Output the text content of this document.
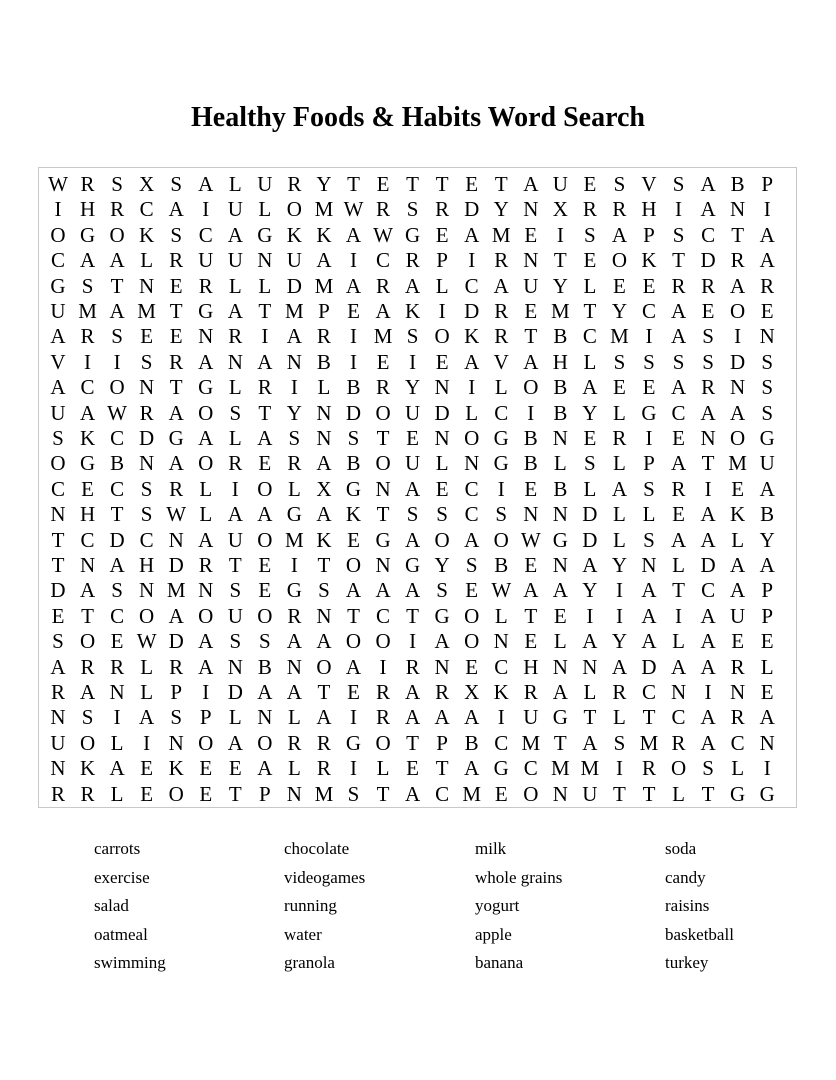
Healthy Foods & Habits Word Search
W R S X S A L U R Y T E T T E T A U E S V S A B P
I H R C A I U L O M W R S R D Y N X R R H I A N I
O G O K S C A G K K A W G E A M E I S A P S C T A
C A A L R U U N U A I C R P I R N T E O K T D R A
G S T N E R L L D M A R A L C A U Y L E E R R A R
U M A M T G A T M P E A K I D R E M T Y C A E O E
A R S E E N R I A R I M S O K R T B C M I A S I N
V I	I S R A N A N B I E I E A V A H L S S S S D S
A C O N T G L R I L B R Y N I L O B A E E A R N S
U A W R A O S T Y N D O U D L C I B Y L G C A A S
S K C D G A L A S N S T E N O G B N E R I E N O G
O G B N A O R E R A B O U L N G B L S L P A T M U
C E C S R L I O L X G N A E C I E B L A S R I E A
N H T S W L A A G A K T S S C S N N D L L E A K B
T C D C N A U O M K E G A O A O W G D L S A A L Y
T N A H D R T E I T O N G Y S B E N A Y N L D A A
D A S N M N S E G S A A A S E W A A Y I A T C A P
E T C O A O U O R N T C T G O L T E I	I A I A U P
S O E W D A S S A A O O I A O N E L A Y A L A E E
A R R L R A N B N O A I R N E C H N N A D A A R L
R A N L P I D A A T E R A R X K R A L R C N I N E
N S I A S P L N L A I R A A A I U G T L T C A R A
U O L I N O A O R R G O T P B C M T A S M R A C N
N K A E K E E A L R I L E T A G C M M I R O S L I
R R L E O E T P N M S T A C M E O N U T T L T G G
carrots
exercise
salad
oatmeal
swimming
chocolate
videogames
running
water
granola
milk
whole grains
yogurt
apple
banana
soda
candy
raisins
basketball
turkey
